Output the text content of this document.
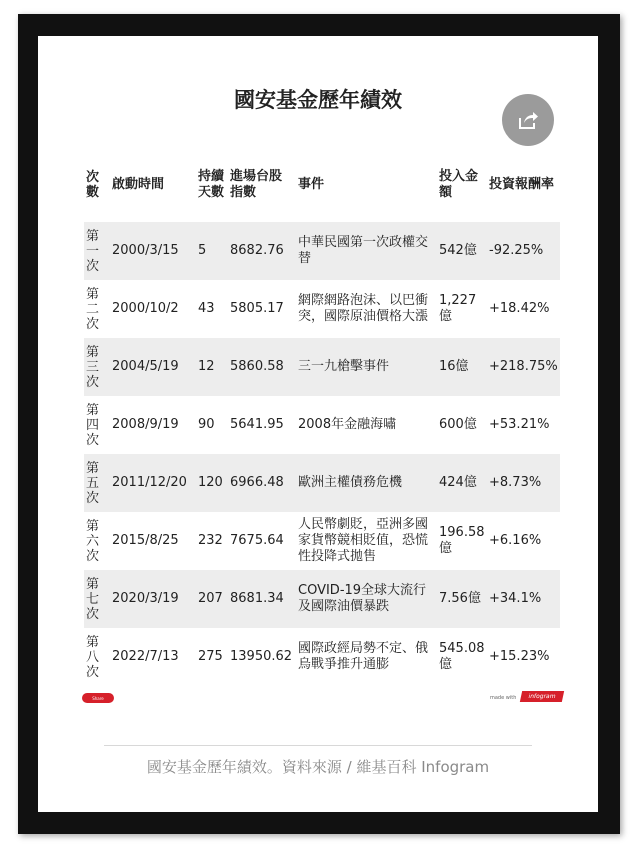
國安基金歷年績效
次數	啟動時間	持續天數	進場台股指數	事件	投入金額	投資報酬率
第一次	2000/3/15	5	8682.76	中華民國第一次政權交替	542億	-92.25%
第二次	2000/10/2	43	5805.17	網際網路泡沫、以巴衝突，國際原油價格大漲	1,227億	+18.42%
第三次	2004/5/19	12	5860.58	三一九槍擊事件	16億	+218.75%
第四次	2008/9/19	90	5641.95	2008年金融海嘯	600億	+53.21%
第五次	2011/12/20	120	6966.48	歐洲主權債務危機	424億	+8.73%
第六次	2015/8/25	232	7675.64	人民幣劇貶，亞洲多國家貨幣競相貶值，恐慌性投降式拋售	196.58億	+6.16%
第七次	2020/3/19	207	8681.34	COVID-19全球大流行及國際油價暴跌	7.56億	+34.1%
第八次	2022/7/13	275	13950.62	國際政經局勢不定、俄烏戰爭推升通膨	545.08億	+15.23%
Share	made with infogram
國安基金歷年績效。資料來源 / 維基百科 Infogram
